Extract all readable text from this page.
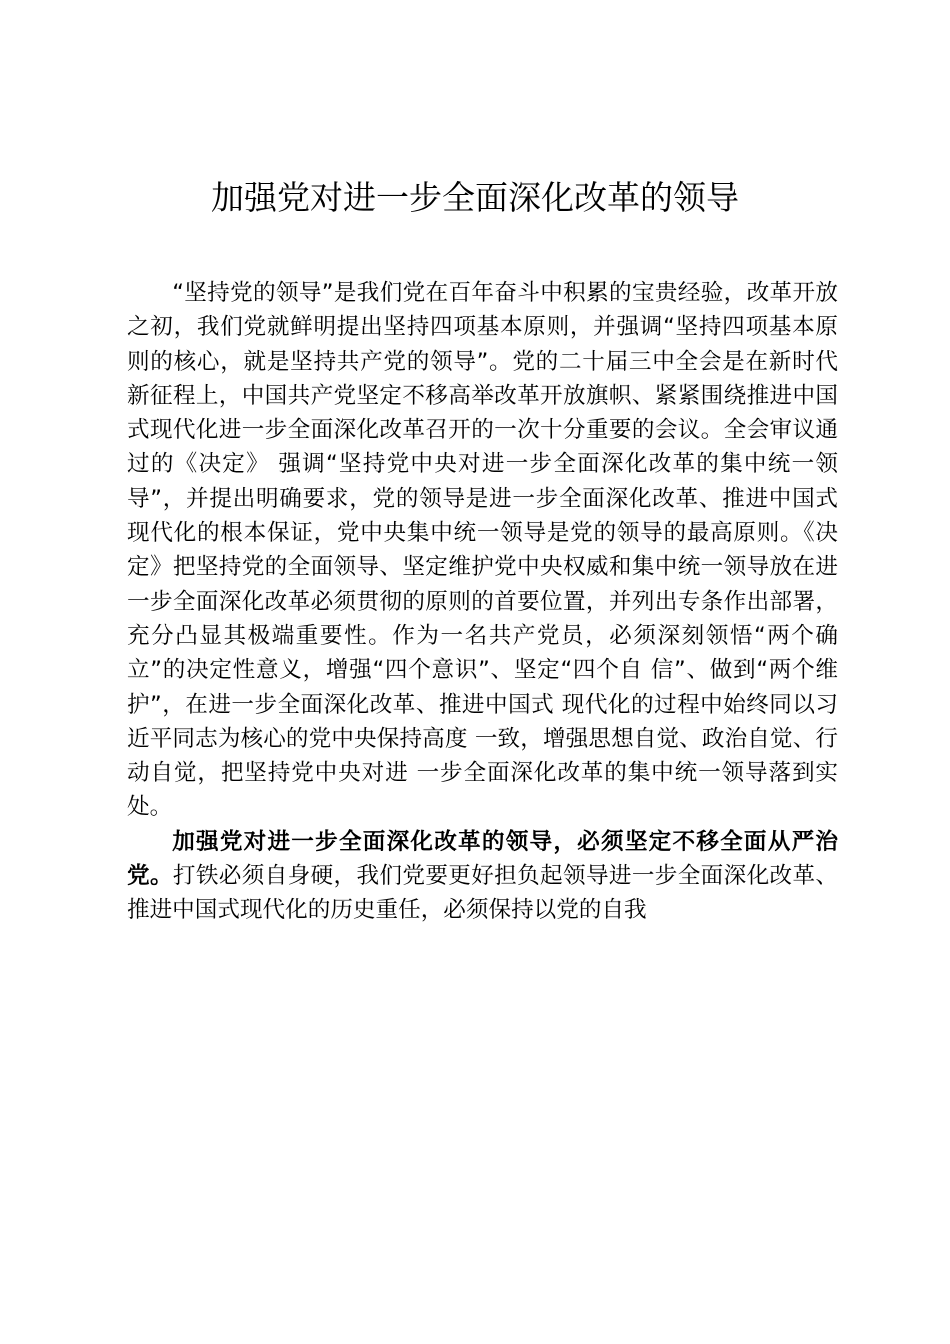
加强党对进一步全面深化改革的领导

“坚持党的领导”是我们党在百年奋斗中积累的宝贵经验，改革开放之初，我们党就鲜明提出坚持四项基本原则，并强调“坚持四项基本原则的核心，就是坚持共产党的领导”。党的二十届三中全会是在新时代新征程上，中国共产党坚定不移高举改革开放旗帜、紧紧围绕推进中国式现代化进一步全面深化改革召开的一次十分重要的会议。全会审议通过的《决定》 强调“坚持党中央对进一步全面深化改革的集中统一领导”，并提出明确要求，党的领导是进一步全面深化改革、推进中国式现代化的根本保证，党中央集中统一领导是党的领导的最高原则。《决定》把坚持党的全面领导、坚定维护党中央权威和集中统一领导放在进一步全面深化改革必须贯彻的原则的首要位置，并列出专条作出部署，充分凸显其极端重要性。作为一名共产党员，必须深刻领悟“两个确立”的决定性意义，增强“四个意识”、坚定“四个自 信”、做到“两个维护”，在进一步全面深化改革、推进中国式 现代化的过程中始终同以习近平同志为核心的党中央保持高度 一致，增强思想自觉、政治自觉、行动自觉，把坚持党中央对进 一步全面深化改革的集中统一领导落到实处。

加强党对进一步全面深化改革的领导，必须坚定不移全面从严治党。打铁必须自身硬，我们党要更好担负起领导进一步全面深化改革、推进中国式现代化的历史重任，必须保持以党的自我
